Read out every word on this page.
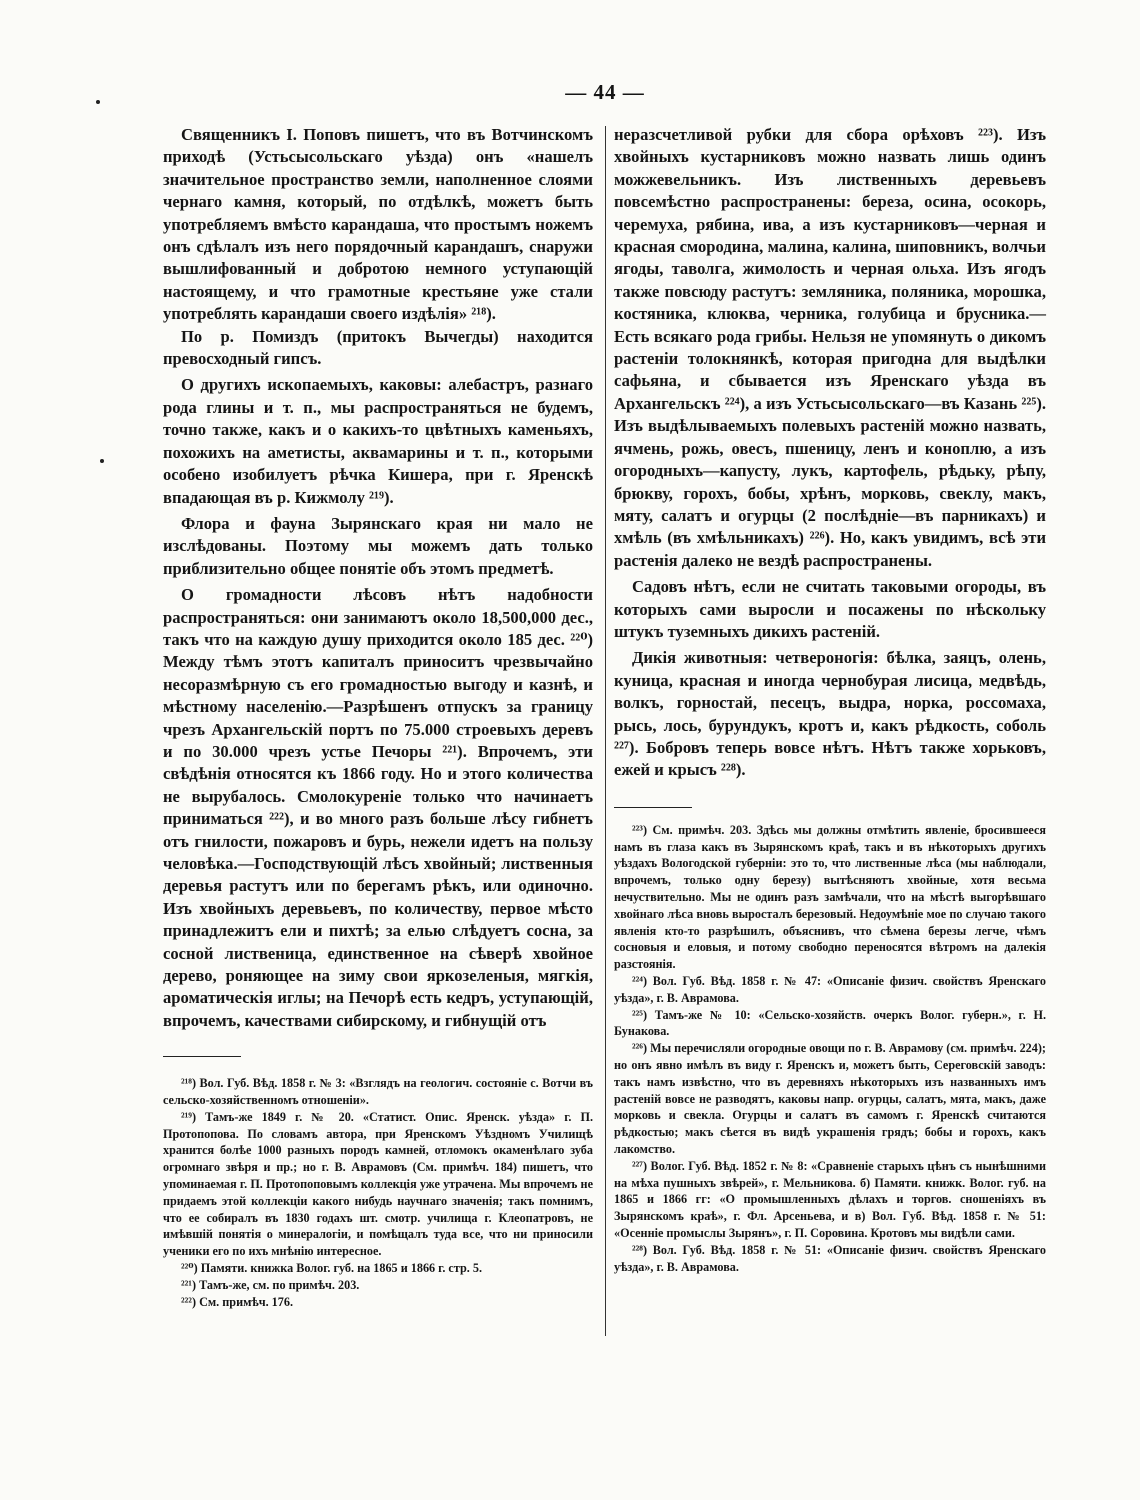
— 44 —

Священникъ І. Поповъ пишетъ, что въ Вотчинскомъ приходѣ (Устьсысольскаго уѣзда) онъ «нашелъ значительное пространство земли, наполненное слоями чернаго камня, который, по отдѣлкѣ, можетъ быть употребляемъ вмѣсто карандаша, что простымъ ножемъ онъ сдѣлалъ изъ него порядочный карандашъ, снаружи вышлифованный и добротою немного уступающій настоящему, и что грамотные крестьяне уже стали употреблять карандаши своего издѣлія» ²¹⁸).

По р. Помиздъ (притокъ Вычегды) находится превосходный гипсъ.

О другихъ ископаемыхъ, каковы: алебастръ, разнаго рода глины и т. п., мы распространяться не будемъ, точно также, какъ и о какихъ-то цвѣтныхъ каменьяхъ, похожихъ на аметисты, аквамарины и т. п., которыми особено изобилуетъ рѣчка Кишера, при г. Яренскѣ впадающая въ р. Кижмолу ²¹⁹).

Флора и фауна Зырянскаго края ни мало не изслѣдованы. Поэтому мы можемъ дать только приблизительно общее понятіе объ этомъ предметѣ.

О громадности лѣсовъ нѣтъ надобности распространяться: они занимаютъ около 18,500,000 дес., такъ что на каждую душу приходится около 185 дес. ²²⁰) Между тѣмъ этотъ капиталъ приноситъ чрезвычайно несоразмѣрную съ его громадностью выгоду и казнѣ, и мѣстному населенію.—Разрѣшенъ отпускъ за границу чрезъ Архангельскій портъ по 75.000 строевыхъ деревъ и по 30.000 чрезъ устье Печоры ²²¹). Впрочемъ, эти свѣдѣнія относятся къ 1866 году. Но и этого количества не вырубалось. Смолокуреніе только что начинаетъ приниматься ²²²), и во много разъ больше лѣсу гибнетъ отъ гнилости, пожаровъ и бурь, нежели идетъ на пользу человѣка.—Господствующій лѣсъ хвойный; лиственныя деревья растутъ или по берегамъ рѣкъ, или одиночно. Изъ хвойныхъ деревьевъ, по количеству, первое мѣсто принадлежитъ ели и пихтѣ; за елью слѣдуетъ сосна, за сосной лиственица, единственное на сѣверѣ хвойное дерево, роняющее на зиму свои яркозеленыя, мягкія, ароматическія иглы; на Печорѣ есть кедръ, уступающій, впрочемъ, качествами сибирскому, и гибнущій отъ

²¹⁸) Вол. Губ. Вѣд. 1858 г. № 3: «Взглядъ на геологич. состояніе с. Вотчи въ сельско-хозяйственномъ отношеніи».

²¹⁹) Тамъ-же 1849 г. № 20. «Статист. Опис. Яренск. уѣзда» г. П. Протопопова. По словамъ автора, при Яренскомъ Уѣздномъ Училищѣ хранится болѣе 1000 разныхъ породъ камней, отломокъ окаменѣлаго зуба огромнаго звѣря и пр.; но г. В. Аврамовъ (См. примѣч. 184) пишетъ, что упоминаемая г. П. Протопоповымъ коллекція уже утрачена. Мы впрочемъ не придаемъ этой коллекціи какого нибудь научнаго значенія; такъ помнимъ, что ее собиралъ въ 1830 годахъ шт. смотр. училища г. Клеопатровъ, не имѣвшій понятія о минералогіи, и помѣщалъ туда все, что ни приносили ученики его по ихъ мнѣнію интересное.

²²⁰) Памяти. книжка Волог. губ. на 1865 и 1866 г. стр. 5.

²²¹) Тамъ-же, см. по примѣч. 203.

²²²) См. примѣч. 176.

неразсчетливой рубки для сбора орѣховъ ²²³). Изъ хвойныхъ кустарниковъ можно назвать лишь одинъ можжевельникъ. Изъ лиственныхъ деревьевъ повсемѣстно распространены: береза, осина, осокорь, черемуха, рябина, ива, а изъ кустарниковъ—черная и красная смородина, малина, калина, шиповникъ, волчьи ягоды, таволга, жимолость и черная ольха. Изъ ягодъ также повсюду растутъ: земляника, поляника, морошка, костяника, клюква, черника, голубица и брусника.—Есть всякаго рода грибы. Нельзя не упомянуть о дикомъ растеніи толокнянкѣ, которая пригодна для выдѣлки сафьяна, и сбывается изъ Яренскаго уѣзда въ Архангельскъ ²²⁴), а изъ Устьсысольскаго—въ Казань ²²⁵). Изъ выдѣлываемыхъ полевыхъ растеній можно назвать, ячмень, рожь, овесъ, пшеницу, ленъ и коноплю, а изъ огородныхъ—капусту, лукъ, картофель, рѣдьку, рѣпу, брюкву, горохъ, бобы, хрѣнъ, морковь, свеклу, макъ, мяту, салатъ и огурцы (2 послѣдніе—въ парникахъ) и хмѣль (въ хмѣльникахъ) ²²⁶). Но, какъ увидимъ, всѣ эти растенія далеко не вездѣ распространены.

Садовъ нѣтъ, если не считать таковыми огороды, въ которыхъ сами выросли и посажены по нѣскольку штукъ туземныхъ дикихъ растеній.

Дикія животныя: четвероногія: бѣлка, заяцъ, олень, куница, красная и иногда чернобурая лисица, медвѣдь, волкъ, горностай, песецъ, выдра, норка, россомаха, рысь, лось, бурундукъ, кротъ и, какъ рѣдкость, соболь ²²⁷). Бобровъ теперь вовсе нѣтъ. Нѣтъ также хорьковъ, ежей и крысъ ²²⁸).

²²³) См. примѣч. 203. Здѣсь мы должны отмѣтить явленіе, бросившееся намъ въ глаза какъ въ Зырянскомъ краѣ, такъ и въ нѣкоторыхъ другихъ уѣздахъ Вологодской губерніи: это то, что лиственные лѣса (мы наблюдали, впрочемъ, только одну березу) вытѣсняютъ хвойные, хотя весьма нечуствительно. Мы не одинъ разъ замѣчали, что на мѣстѣ выгорѣвшаго хвойнаго лѣса вновь выросталъ березовый. Недоумѣніе мое по случаю такого явленія кто-то разрѣшилъ, объяснивъ, что сѣмена березы легче, чѣмъ сосновыя и еловыя, и потому свободно переносятся вѣтромъ на далекія разстоянія.

²²⁴) Вол. Губ. Вѣд. 1858 г. № 47: «Описаніе физич. свойствъ Яренскаго уѣзда», г. В. Аврамова.

²²⁵) Тамъ-же № 10: «Сельско-хозяйств. очеркъ Волог. губерн.», г. Н. Бунакова.

²²⁶) Мы перечисляли огородные овощи по г. В. Аврамову (см. примѣч. 224); но онъ явно имѣлъ въ виду г. Яренскъ и, можетъ быть, Сереговскій заводъ: такъ намъ извѣстно, что въ деревняхъ нѣкоторыхъ изъ названныхъ имъ растеній вовсе не разводятъ, каковы напр. огурцы, салатъ, мята, макъ, даже морковь и свекла. Огурцы и салатъ въ самомъ г. Яренскѣ считаются рѣдкостью; макъ сѣется въ видѣ украшенія грядъ; бобы и горохъ, какъ лакомство.

²²⁷) Волог. Губ. Вѣд. 1852 г. № 8: «Сравненіе старыхъ цѣнъ съ нынѣшними на мѣха пушныхъ звѣрей», г. Мельникова. б) Памяти. книжк. Волог. губ. на 1865 и 1866 гг: «О промышленныхъ дѣлахъ и торгов. сношеніяхъ въ Зырянскомъ краѣ», г. Фл. Арсеньева, и в) Вол. Губ. Вѣд. 1858 г. № 51: «Осенніе промыслы Зырянъ», г. П. Соровина. Кротовъ мы видѣли сами.

²²⁸) Вол. Губ. Вѣд. 1858 г. № 51: «Описаніе физич. свойствъ Яренскаго уѣзда», г. В. Аврамова.
